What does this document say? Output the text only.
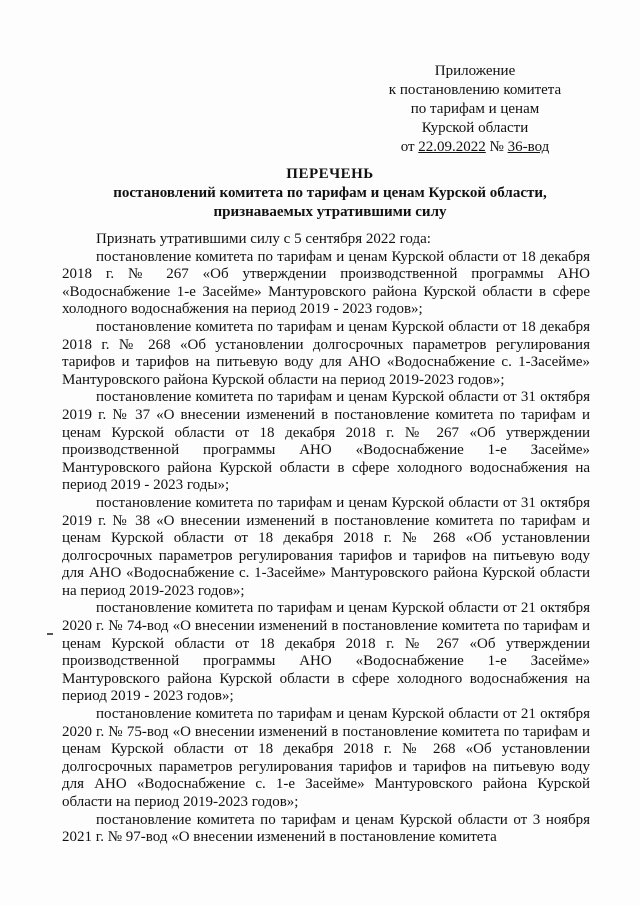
Приложение
к постановлению комитета
по тарифам и ценам
Курской области
от 22.09.2022 № 36-вод
ПЕРЕЧЕНЬ
постановлений комитета по тарифам и ценам Курской области,
признаваемых утратившими силу

Признать утратившими силу с 5 сентября 2022 года:

постановление комитета по тарифам и ценам Курской области от 18 декабря 2018 г. № 267 «Об утверждении производственной программы АНО «Водоснабжение 1-е Засейме» Мантуровского района Курской области в сфере холодного водоснабжения на период 2019 - 2023 годов»;

постановление комитета по тарифам и ценам Курской области от 18 декабря 2018 г. № 268 «Об установлении долгосрочных параметров регулирования тарифов и тарифов на питьевую воду для АНО «Водоснабжение с. 1-Засейме» Мантуровского района Курской области на период 2019-2023 годов»;

постановление комитета по тарифам и ценам Курской области от 31 октября 2019 г. № 37 «О внесении изменений в постановление комитета по тарифам и ценам Курской области от 18 декабря 2018 г. № 267 «Об утверждении производственной программы АНО «Водоснабжение 1-е Засейме» Мантуровского района Курской области в сфере холодного водоснабжения на период 2019 - 2023 годы»;

постановление комитета по тарифам и ценам Курской области от 31 октября 2019 г. № 38 «О внесении изменений в постановление комитета по тарифам и ценам Курской области от 18 декабря 2018 г. № 268 «Об установлении долгосрочных параметров регулирования тарифов и тарифов на питьевую воду для АНО «Водоснабжение с. 1-Засейме» Мантуровского района Курской области на период 2019-2023 годов»;

постановление комитета по тарифам и ценам Курской области от 21 октября 2020 г. № 74-вод «О внесении изменений в постановление комитета по тарифам и ценам Курской области от 18 декабря 2018 г. № 267 «Об утверждении производственной программы АНО «Водоснабжение 1-е Засейме» Мантуровского района Курской области в сфере холодного водоснабжения на период 2019 - 2023 годов»;

постановление комитета по тарифам и ценам Курской области от 21 октября 2020 г. № 75-вод «О внесении изменений в постановление комитета по тарифам и ценам Курской области от 18 декабря 2018 г. № 268 «Об установлении долгосрочных параметров регулирования тарифов и тарифов на питьевую воду для АНО «Водоснабжение с. 1-е Засейме» Мантуровского района Курской области на период 2019-2023 годов»;

постановление комитета по тарифам и ценам Курской области от 3 ноября 2021 г. № 97-вод «О внесении изменений в постановление комитета
